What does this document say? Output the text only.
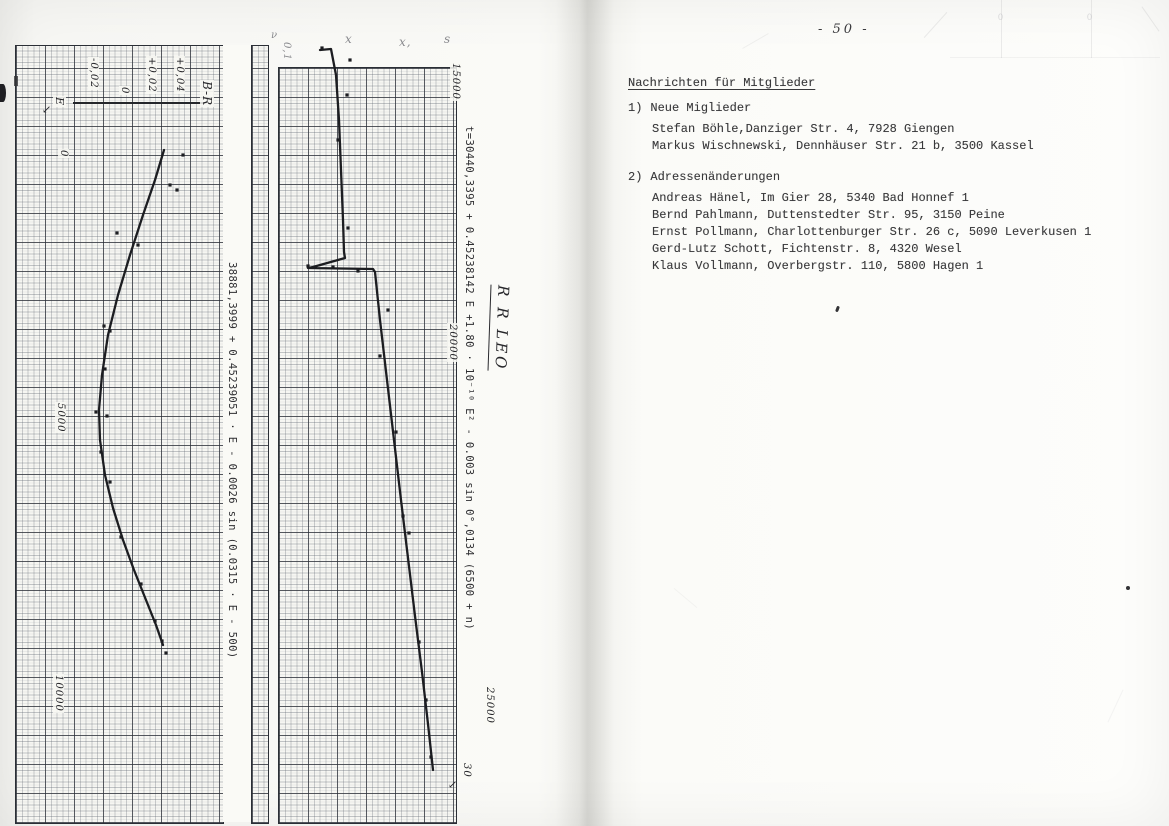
-0,02
0 +0,02 +0,04
B-R
↙
E
0
5000
10000
38881,3999 + 0.45239051 · E - 0.0026 sin (0.0315 · E - 500)
ν
0,1
x	x,	s
15000
20000
25000
↙
30
t=30440,3395 + 0.45238142 E +1.80 · 10⁻¹⁰ E² - 0.003 sin 0°,0134 (6500 + n) R R LEO
- 50 -
Nachrichten für Mitglieder
1) Neue Miglieder
Stefan Böhle,Danziger Str. 4, 7928 Giengen
Markus Wischnewski, Dennhäuser Str. 21 b, 3500 Kassel
2) Adressenänderungen
Andreas Hänel, Im Gier 28, 5340 Bad Honnef 1
Bernd Pahlmann, Duttenstedter Str. 95, 3150 Peine
Ernst Pollmann, Charlottenburger Str. 26 c, 5090 Leverkusen 1
Gerd-Lutz Schott, Fichtenstr. 8, 4320 Wesel
Klaus Vollmann, Overbergstr. 110, 5800 Hagen 1
0	0
